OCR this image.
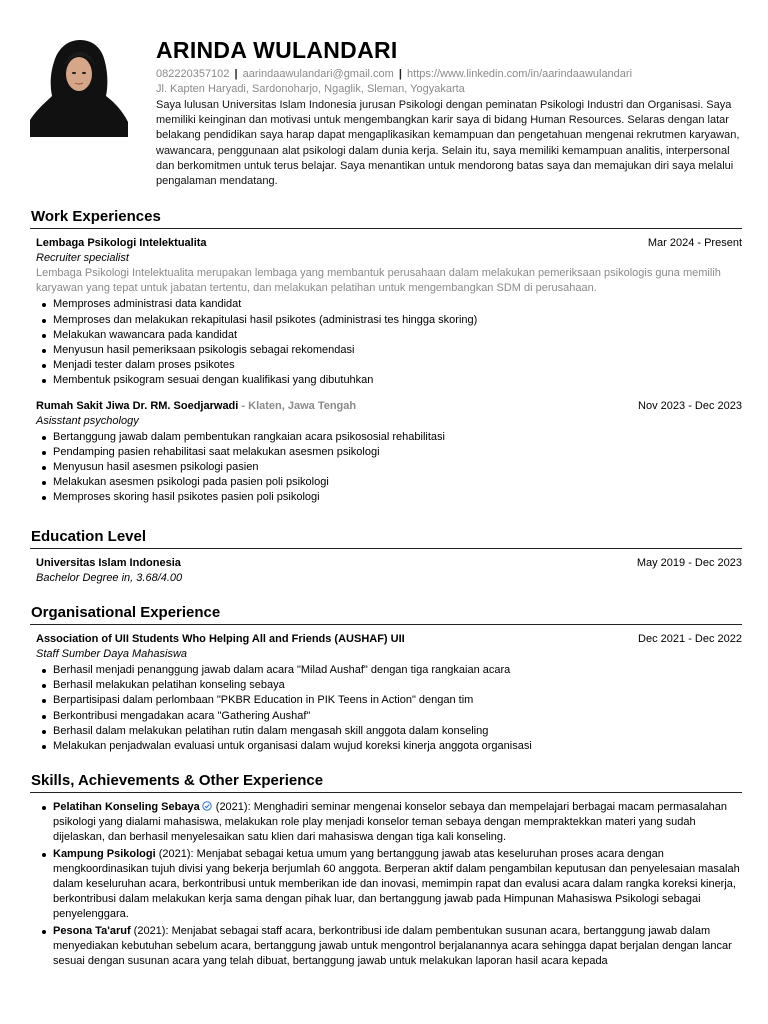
ARINDA WULANDARI
082220357102 | aarindaawulandari@gmail.com | https://www.linkedin.com/in/aarindaawulandari
Jl. Kapten Haryadi, Sardonoharjo, Ngaglik, Sleman, Yogyakarta
Saya lulusan Universitas Islam Indonesia jurusan Psikologi dengan peminatan Psikologi Industri dan Organisasi. Saya memiliki keinginan dan motivasi untuk mengembangkan karir saya di bidang Human Resources. Selaras dengan latar belakang pendidikan saya harap dapat mengaplikasikan kemampuan dan pengetahuan mengenai rekrutmen karyawan, wawancara, penggunaan alat psikologi dalam dunia kerja. Selain itu, saya memiliki kemampuan analitis, interpersonal dan berkomitmen untuk terus belajar. Saya menantikan untuk mendorong batas saya dan memajukan diri saya melalui pengalaman mendatang.
Work Experiences
Lembaga Psikologi Intelektualita	Mar 2024 - Present
Recruiter specialist
Lembaga Psikologi Intelektualita merupakan lembaga yang membantuk perusahaan dalam melakukan pemeriksaan psikologis guna memilih karyawan yang tepat untuk jabatan tertentu, dan melakukan pelatihan untuk mengembangkan SDM di perusahaan.
Memproses administrasi data kandidat
Memproses dan melakukan rekapitulasi hasil psikotes (administrasi tes hingga skoring)
Melakukan wawancara pada kandidat
Menyusun hasil pemeriksaan psikologis sebagai rekomendasi
Menjadi tester dalam proses psikotes
Membentuk psikogram sesuai dengan kualifikasi yang dibutuhkan
Rumah Sakit Jiwa Dr. RM. Soedjarwadi - Klaten, Jawa Tengah	Nov 2023 - Dec 2023
Asisstant psychology
Bertanggung jawab dalam pembentukan rangkaian acara psikososial rehabilitasi
Pendamping pasien rehabilitasi saat melakukan asesmen psikologi
Menyusun hasil asesmen psikologi pasien
Melakukan asesmen psikologi pada pasien poli psikologi
Memproses skoring hasil psikotes pasien poli psikologi
Education Level
Universitas Islam Indonesia	May 2019 - Dec 2023
Bachelor Degree in, 3.68/4.00
Organisational Experience
Association of UII Students Who Helping All and Friends (AUSHAF) UII	Dec 2021 - Dec 2022
Staff Sumber Daya Mahasiswa
Berhasil menjadi penanggung jawab dalam acara "Milad Aushaf" dengan tiga rangkaian acara
Berhasil melakukan pelatihan konseling sebaya
Berpartisipasi dalam perlombaan "PKBR Education in PIK Teens in Action" dengan tim
Berkontribusi mengadakan acara "Gathering Aushaf"
Berhasil dalam melakukan pelatihan rutin dalam mengasah skill anggota dalam konseling
Melakukan penjadwalan evaluasi untuk organisasi dalam wujud koreksi kinerja anggota organisasi
Skills, Achievements & Other Experience
Pelatihan Konseling Sebaya (2021): Menghadiri seminar mengenai konselor sebaya dan mempelajari berbagai macam permasalahan psikologi yang dialami mahasiswa, melakukan role play menjadi konselor teman sebaya dengan mempraktekkan materi yang sudah dijelaskan, dan berhasil menyelesaikan satu klien dari mahasiswa dengan tiga kali konseling.
Kampung Psikologi (2021): Menjabat sebagai ketua umum yang bertanggung jawab atas keseluruhan proses acara dengan mengkoordinasikan tujuh divisi yang bekerja berjumlah 60 anggota. Berperan aktif dalam pengambilan keputusan dan penyelesaian masalah dalam keseluruhan acara, berkontribusi untuk memberikan ide dan inovasi, memimpin rapat dan evalusi acara dalam rangka koreksi kinerja, berkontribusi dalam melakukan kerja sama dengan pihak luar, dan bertanggung jawab pada Himpunan Mahasiswa Psikologi sebagai penyelenggara.
Pesona Ta'aruf (2021): Menjabat sebagai staff acara, berkontribusi ide dalam pembentukan susunan acara, bertanggung jawab dalam menyediakan kebutuhan sebelum acara, bertanggung jawab untuk mengontrol berjalanannya acara sehingga dapat berjalan dengan lancar sesuai dengan susunan acara yang telah dibuat, bertanggung jawab untuk melakukan laporan hasil acara kepada
